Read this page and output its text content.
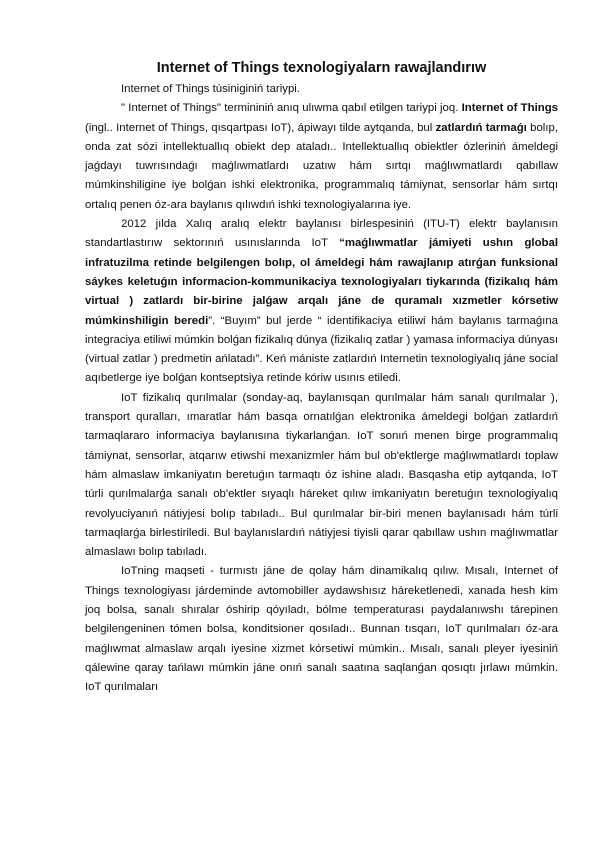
Internet of Things texnologiyalarn rawajlandırıw

Internet of Things túsiniginiń tariypi.

" Internet of Things" termininiń anıq ulıwma qabıl etilgen tariypi joq. Internet of Things (ingl.. Internet of Things, qısqartpası IoT), ápiwayı tilde aytqanda, bul zatlardıń tarmaǵı bolıp, onda zat sózi intellektuallıq obiekt dep ataladı.. Intellektuallıq obiektler ózleriniń ámeldegi jaǵdayı tuwrısındaǵı maǵlıwmatlardı uzatıw hám sırtqı maǵlıwmatlardı qabıllaw múmkinshiligine iye bolǵan ishki elektronika, programmalıq támiynat, sensorlar hám sırtqı ortalıq penen óz-ara baylanıs qılıwdıń ishki texnologiyalarına iye.

2012 jılda Xalıq aralıq elektr baylanısı birlespesiniń (ITU-T) elektr baylanısın standartlastırıw sektorınıń usınıslarında IoT “maǵlıwmatlar jámiyeti ushın global infratuzilma retinde belgilengen bolıp, ol ámeldegi hám rawajlanıp atırǵan funksional sáykes keletuǵın informacion-kommunikaciya texnologiyaları tiykarında (fizikalıq hám virtual ) zatlardı bir-birine jalǵaw arqalı jáne de quramalı xızmetler kórsetiw múmkinshiligin beredi”. “Buyım” bul jerde “ identifikaciya etiliwi hám baylanıs tarmaǵına integraciya etiliwi múmkin bolǵan fizikalıq dúnya (fizikalıq zatlar ) yamasa informaciya dúnyası (virtual zatlar ) predmetin ańlatadı”. Keń mániste zatlardıń Internetin texnologiyalıq jáne social aqıbetlerge iye bolǵan kontseptsiya retinde kóriw usınıs etiledi.

IoT fizikalıq qurılmalar (sonday-aq, baylanısqan qurılmalar hám sanalı qurılmalar ), transport quralları, ımaratlar hám basqa ornatılǵan elektronika ámeldegi bolǵan zatlardıń tarmaqlararo informaciya baylanısına tiykarlanǵan. IoT sonıń menen birge programmalıq támiynat, sensorlar, atqarıw etiwshi mexanizmler hám bul ob'ektlerge maǵlıwmatlardı toplaw hám almaslaw imkaniyatın beretuǵın tarmaqtı óz ishine aladı. Basqasha etip aytqanda, IoT túrli qurılmalarǵa sanalı ob'ektler sıyaqlı háreket qılıw imkaniyatın beretuǵın texnologiyalıq revolyuciyanıń nátiyjesi bolıp tabıladı.. Bul qurılmalar bir-biri menen baylanısadı hám túrli tarmaqlarǵa birlestiriledi. Bul baylanıslardıń nátiyjesi tiyisli qarar qabıllaw ushın maǵlıwmatlar almaslawı bolıp tabıladı.

IoTning maqseti - turmıstı jáne de qolay hám dinamikalıq qılıw. Mısalı, Internet of Things texnologiyası járdeminde avtomobiller aydawshısız háreketlenedi, xanada hesh kim joq bolsa, sanalı shıralar óshirip qóyıladı, bólme temperaturası paydalanıwshı tárepinen belgilengeninen tómen bolsa, konditsioner qosıladı.. Bunnan tısqarı, IoT qurılmaları óz-ara maǵlıwmat almaslaw arqalı iyesine xizmet kórsetiwi múmkin.. Mısalı, sanalı pleyer iyesiniń qálewine qaray tańlawı múmkin jáne onıń sanalı saatına saqlanǵan qosıqtı jırlawı múmkin. IoT qurılmaları
